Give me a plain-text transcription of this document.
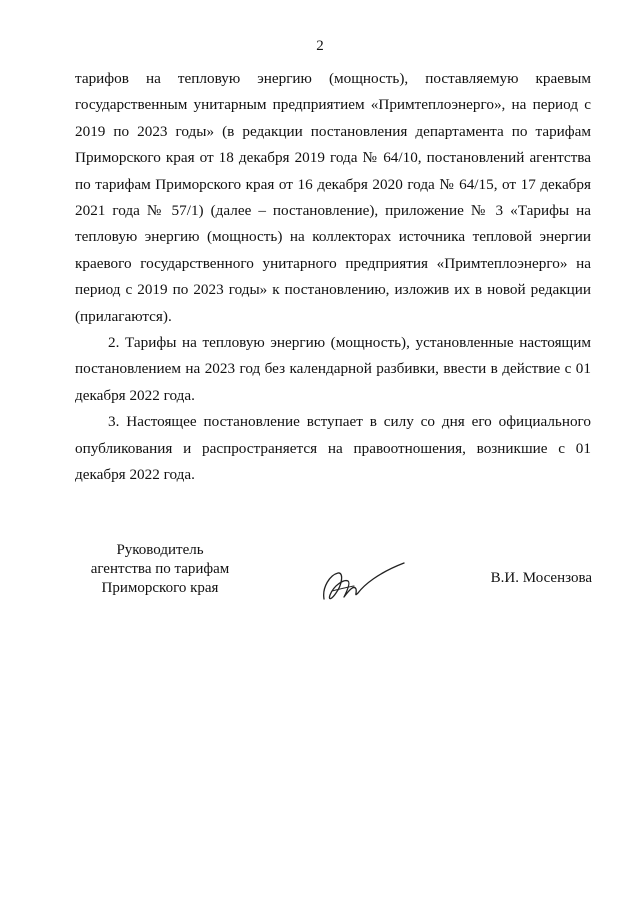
2

тарифов на тепловую энергию (мощность), поставляемую краевым государственным унитарным предприятием «Примтеплоэнерго», на период с 2019 по 2023 годы» (в редакции постановления департамента по тарифам Приморского края от 18 декабря 2019 года № 64/10, постановлений агентства по тарифам Приморского края от 16 декабря 2020 года № 64/15, от 17 декабря 2021 года № 57/1) (далее – постановление), приложение № 3 «Тарифы на тепловую энергию (мощность) на коллекторах источника тепловой энергии краевого государственного унитарного предприятия «Примтеплоэнерго» на период с 2019 по 2023 годы» к постановлению, изложив их в новой редакции (прилагаются).

2. Тарифы на тепловую энергию (мощность), установленные настоящим постановлением на 2023 год без календарной разбивки, ввести в действие с 01 декабря 2022 года.

3. Настоящее постановление вступает в силу со дня его официального опубликования и распространяется на правоотношения, возникшие с 01 декабря 2022 года.

Руководитель
агентства по тарифам
Приморского края
В.И. Мосензова
